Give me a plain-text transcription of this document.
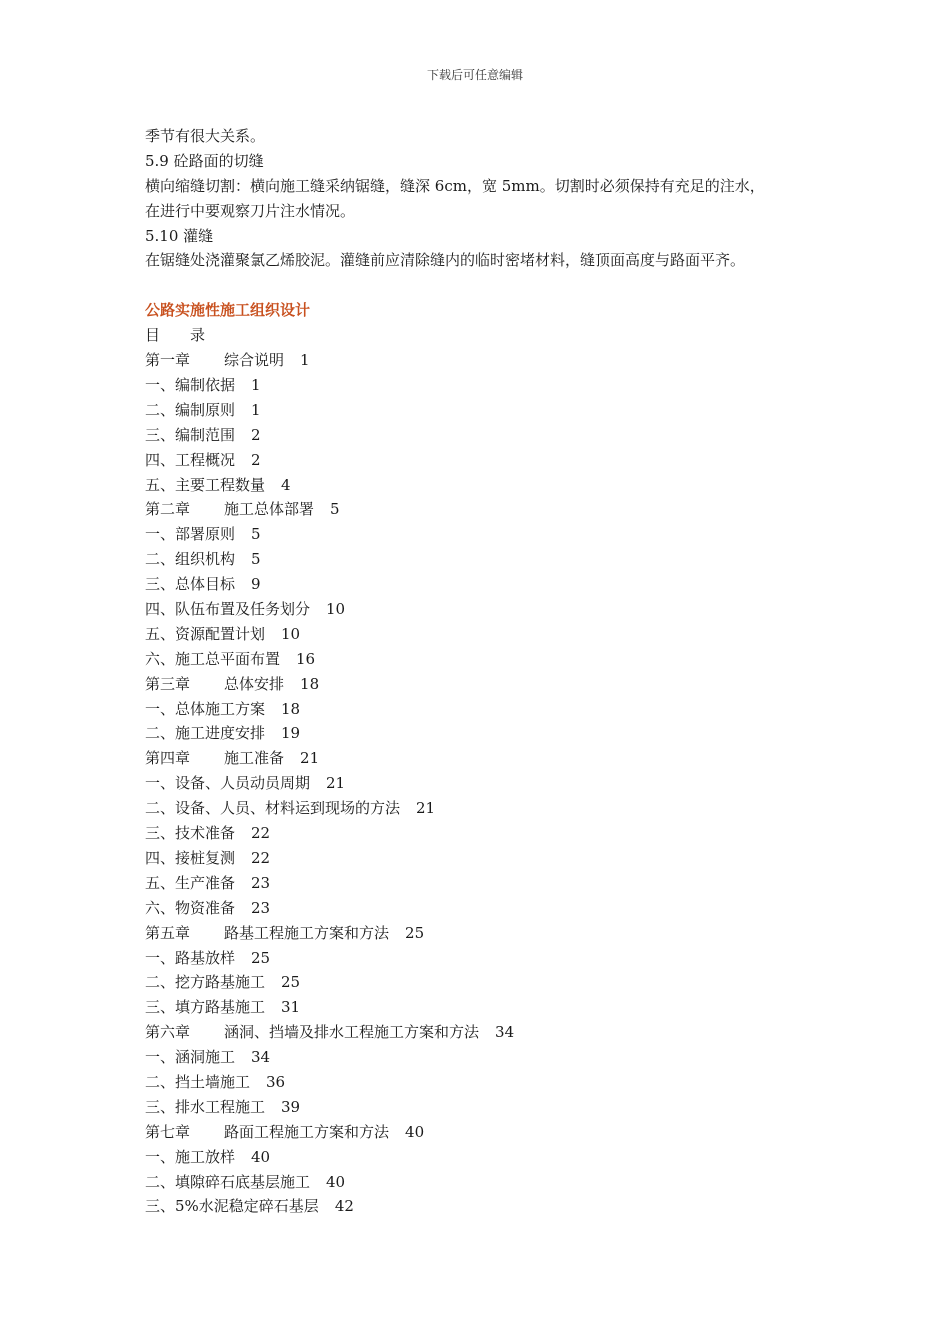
下载后可任意编辑
季节有很大关系。
5.9 砼路面的切缝
横向缩缝切割：横向施工缝采纳锯缝，缝深 6cm，宽 5mm。切割时必须保持有充足的注水，
在进行中要观察刀片注水情况。
5.10 灌缝
在锯缝处浇灌聚氯乙烯胶泥。灌缝前应清除缝内的临时密堵材料，缝顶面高度与路面平齐。
公路实施性施工组织设计
目　　录
第一章 综合说明 1
一、编制依据 1
二、编制原则 1
三、编制范围 2
四、工程概况 2
五、主要工程数量 4
第二章 施工总体部署 5
一、部署原则 5
二、组织机构 5
三、总体目标 9
四、队伍布置及任务划分 10
五、资源配置计划 10
六、施工总平面布置 16
第三章 总体安排 18
一、总体施工方案 18
二、施工进度安排 19
第四章 施工准备 21
一、设备、人员动员周期 21
二、设备、人员、材料运到现场的方法 21
三、技术准备 22
四、接桩复测 22
五、生产准备 23
六、物资准备 23
第五章 路基工程施工方案和方法 25
一、路基放样 25
二、挖方路基施工 25
三、填方路基施工 31
第六章 涵洞、挡墙及排水工程施工方案和方法 34
一、涵洞施工 34
二、挡土墙施工 36
三、排水工程施工 39
第七章 路面工程施工方案和方法 40
一、施工放样 40
二、填隙碎石底基层施工 40
三、5%水泥稳定碎石基层 42
